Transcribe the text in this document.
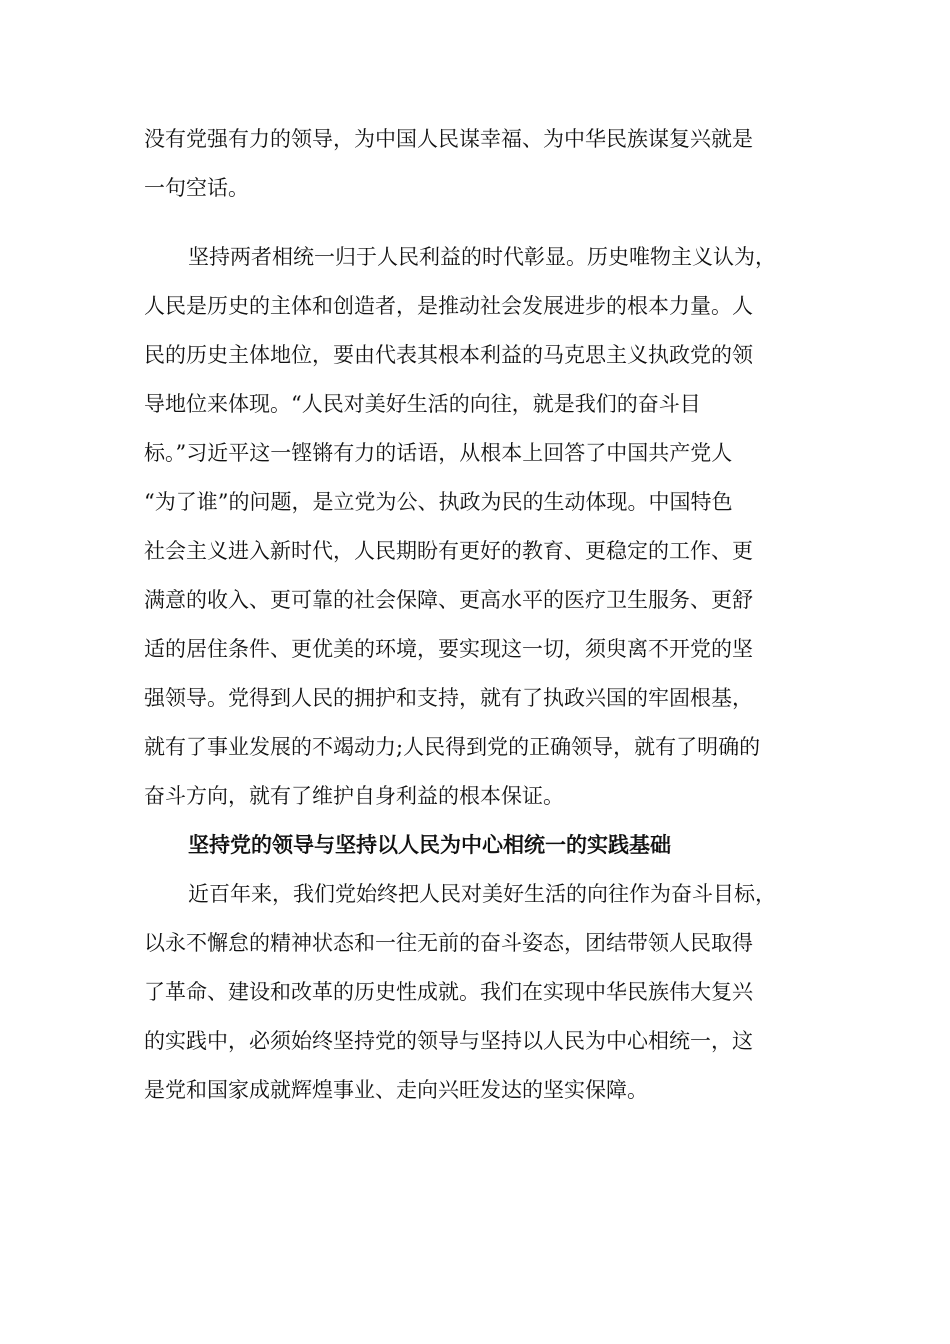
没有党强有力的领导，为中国人民谋幸福、为中华民族谋复兴就是
一句空话。
坚持两者相统一归于人民利益的时代彰显。历史唯物主义认为，
人民是历史的主体和创造者，是推动社会发展进步的根本力量。人
民的历史主体地位，要由代表其根本利益的马克思主义执政党的领
导地位来体现。“人民对美好生活的向往，就是我们的奋斗目
标。”习近平这一铿锵有力的话语，从根本上回答了中国共产党人
“为了谁”的问题，是立党为公、执政为民的生动体现。中国特色
社会主义进入新时代，人民期盼有更好的教育、更稳定的工作、更
满意的收入、更可靠的社会保障、更高水平的医疗卫生服务、更舒
适的居住条件、更优美的环境，要实现这一切，须臾离不开党的坚
强领导。党得到人民的拥护和支持，就有了执政兴国的牢固根基，
就有了事业发展的不竭动力;人民得到党的正确领导，就有了明确的
奋斗方向，就有了维护自身利益的根本保证。
坚持党的领导与坚持以人民为中心相统一的实践基础
近百年来，我们党始终把人民对美好生活的向往作为奋斗目标，
以永不懈怠的精神状态和一往无前的奋斗姿态，团结带领人民取得
了革命、建设和改革的历史性成就。我们在实现中华民族伟大复兴
的实践中，必须始终坚持党的领导与坚持以人民为中心相统一，这
是党和国家成就辉煌事业、走向兴旺发达的坚实保障。
